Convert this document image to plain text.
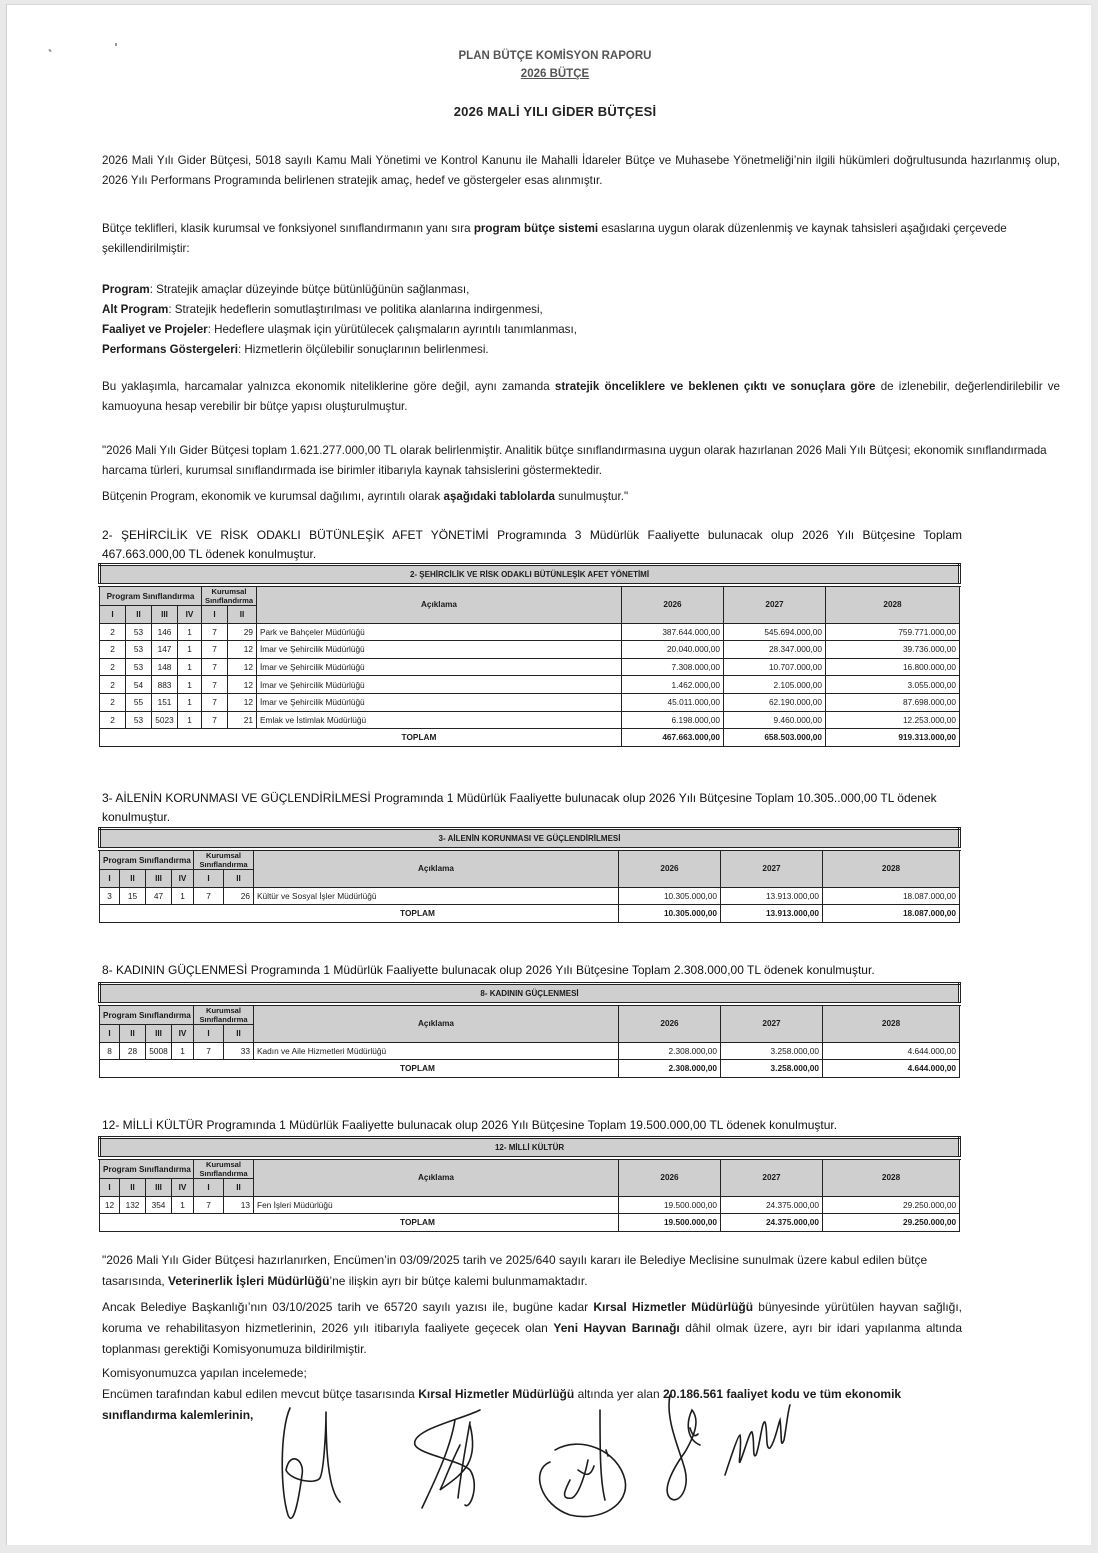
PLAN BÜTÇE KOMİSYON RAPORU
2026 BÜTÇE
2026 MALİ YILI GİDER BÜTÇESİ
2026 Mali Yılı Gider Bütçesi, 5018 sayılı Kamu Mali Yönetimi ve Kontrol Kanunu ile Mahalli İdareler Bütçe ve Muhasebe Yönetmeliği’nin ilgili hükümleri doğrultusunda hazırlanmış olup, 2026 Yılı Performans Programında belirlenen stratejik amaç, hedef ve göstergeler esas alınmıştır.
Bütçe teklifleri, klasik kurumsal ve fonksiyonel sınıflandırmanın yanı sıra program bütçe sistemi esaslarına uygun olarak düzenlenmiş ve kaynak tahsisleri aşağıdaki çerçevede şekillendirilmiştir:
Program: Stratejik amaçlar düzeyinde bütçe bütünlüğünün sağlanması,
Alt Program: Stratejik hedeflerin somutlaştırılması ve politika alanlarına indirgenmesi,
Faaliyet ve Projeler: Hedeflere ulaşmak için yürütülecek çalışmaların ayrıntılı tanımlanması,
Performans Göstergeleri: Hizmetlerin ölçülebilir sonuçlarının belirlenmesi.
Bu yaklaşımla, harcamalar yalnızca ekonomik niteliklerine göre değil, aynı zamanda stratejik önceliklere ve beklenen çıktı ve sonuçlara göre de izlenebilir, değerlendirilebilir ve kamuoyuna hesap verebilir bir bütçe yapısı oluşturulmuştur.
"2026 Mali Yılı Gider Bütçesi toplam 1.621.277.000,00 TL olarak belirlenmiştir. Analitik bütçe sınıflandırmasına uygun olarak hazırlanan 2026 Mali Yılı Bütçesi; ekonomik sınıflandırmada harcama türleri, kurumsal sınıflandırmada ise birimler itibarıyla kaynak tahsislerini göstermektedir.
Bütçenin Program, ekonomik ve kurumsal dağılımı, ayrıntılı olarak aşağıdaki tablolarda sunulmuştur."
2- ŞEHİRCİLİK VE RİSK ODAKLI BÜTÜNLEŞİK AFET YÖNETİMİ Programında 3 Müdürlük Faaliyette bulunacak olup 2026 Yılı Bütçesine Toplam 467.663.000,00 TL ödenek konulmuştur.
2- ŞEHİRCİLİK VE RİSK ODAKLI BÜTÜNLEŞİK AFET YÖNETİMİ									
Program Sınıflandırma				Kurumsal Sınıflandırma		Açıklama	2026	2027	2028
I	II	III	IV	I	II				
2	53	146	1	7	29	Park ve Bahçeler Müdürlüğü	387.644.000,00	545.694.000,00	759.771.000,00
2	53	147	1	7	12	İmar ve Şehircilik Müdürlüğü	20.040.000,00	28.347.000,00	39.736.000,00
2	53	148	1	7	12	İmar ve Şehircilik Müdürlüğü	7.308.000,00	10.707.000,00	16.800.000,00
2	54	883	1	7	12	İmar ve Şehircilik Müdürlüğü	1.462.000,00	2.105.000,00	3.055.000,00
2	55	151	1	7	12	İmar ve Şehircilik Müdürlüğü	45.011.000,00	62.190.000,00	87.698.000,00
2	53	5023	1	7	21	Emlak ve İstimlak Müdürlüğü	6.198.000,00	9.460.000,00	12.253.000,00
TOPLAM							467.663.000,00	658.503.000,00	919.313.000,00
3- AİLENİN KORUNMASI VE GÜÇLENDİRİLMESİ Programında 1 Müdürlük Faaliyette bulunacak olup 2026 Yılı Bütçesine Toplam 10.305..000,00 TL ödenek konulmuştur.
3- AİLENİN KORUNMASI VE GÜÇLENDİRİLMESİ									
Program Sınıflandırma				Kurumsal Sınıflandırma		Açıklama	2026	2027	2028
I	II	III	IV	I	II				
3	15	47	1	7	26	Kültür ve Sosyal İşler Müdürlüğü	10.305.000,00	13.913.000,00	18.087.000,00
TOPLAM							10.305.000,00	13.913.000,00	18.087.000,00
8- KADININ GÜÇLENMESİ Programında 1 Müdürlük Faaliyette bulunacak olup 2026 Yılı Bütçesine Toplam 2.308.000,00 TL ödenek konulmuştur.
8- KADININ GÜÇLENMESİ									
Program Sınıflandırma				Kurumsal Sınıflandırma		Açıklama	2026	2027	2028
I	II	III	IV	I	II				
8	28	5008	1	7	33	Kadın ve Aile Hizmetleri Müdürlüğü	2.308.000,00	3.258.000,00	4.644.000,00
TOPLAM							2.308.000,00	3.258.000,00	4.644.000,00
12- MİLLİ KÜLTÜR Programında 1 Müdürlük Faaliyette bulunacak olup 2026 Yılı Bütçesine Toplam 19.500.000,00 TL ödenek konulmuştur.
12- MİLLİ KÜLTÜR									
Program Sınıflandırma				Kurumsal Sınıflandırma		Açıklama	2026	2027	2028
I	II	III	IV	I	II				
12	132	354	1	7	13	Fen İşleri Müdürlüğü	19.500.000,00	24.375.000,00	29.250.000,00
TOPLAM							19.500.000,00	24.375.000,00	29.250.000,00
"2026 Mali Yılı Gider Bütçesi hazırlanırken, Encümen’in 03/09/2025 tarih ve 2025/640 sayılı kararı ile Belediye Meclisine sunulmak üzere kabul edilen bütçe tasarısında, Veterinerlik İşleri Müdürlüğü’ne ilişkin ayrı bir bütçe kalemi bulunmamaktadır.
Ancak Belediye Başkanlığı’nın 03/10/2025 tarih ve 65720 sayılı yazısı ile, bugüne kadar Kırsal Hizmetler Müdürlüğü bünyesinde yürütülen hayvan sağlığı, koruma ve rehabilitasyon hizmetlerinin, 2026 yılı itibarıyla faaliyete geçecek olan Yeni Hayvan Barınağı dâhil olmak üzere, ayrı bir idari yapılanma altında toplanması gerektiği Komisyonumuza bildirilmiştir.
Komisyonumuzca yapılan incelemede;
Encümen tarafından kabul edilen mevcut bütçe tasarısında Kırsal Hizmetler Müdürlüğü altında yer alan 20.186.561 faaliyet kodu ve tüm ekonomik sınıflandırma kalemlerinin,
